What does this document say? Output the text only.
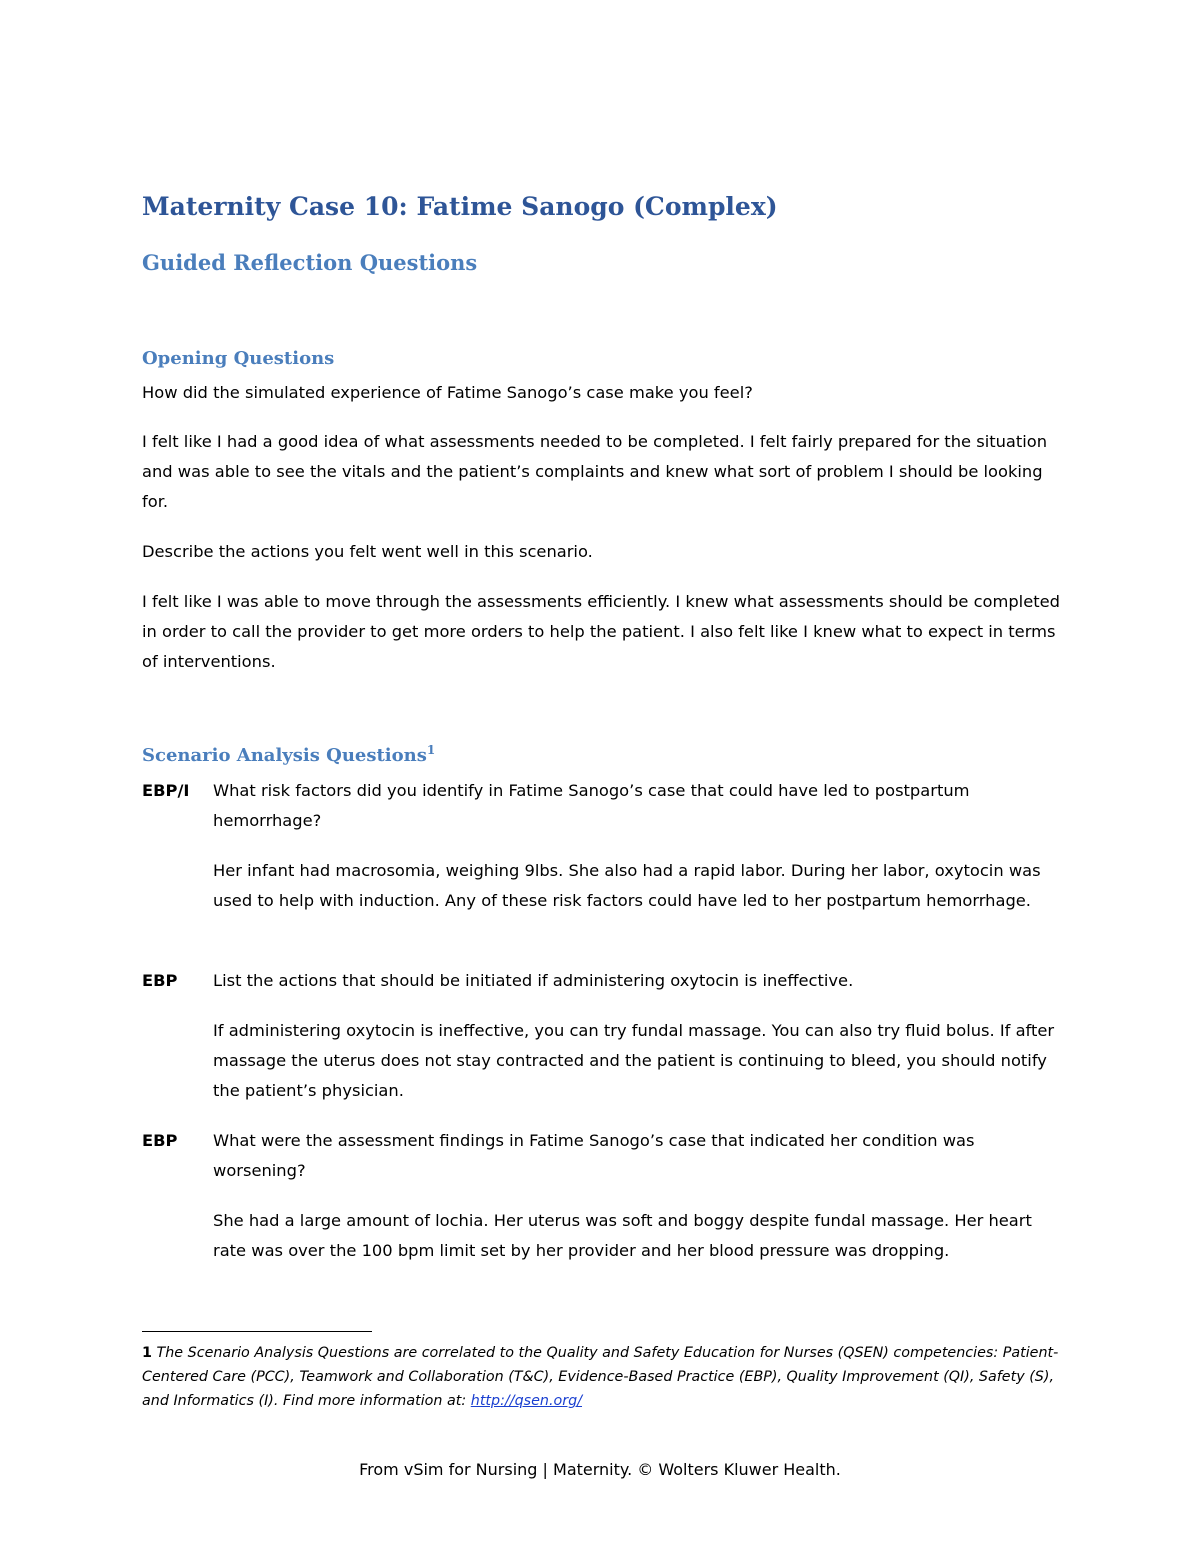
Maternity Case 10: Fatime Sanogo (Complex)
Guided Reflection Questions
Opening Questions

How did the simulated experience of Fatime Sanogo’s case make you feel?

I felt like I had a good idea of what assessments needed to be completed. I felt fairly prepared for the situation and was able to see the vitals and the patient’s complaints and knew what sort of problem I should be looking for.

Describe the actions you felt went well in this scenario.

I felt like I was able to move through the assessments efficiently. I knew what assessments should be completed in order to call the provider to get more orders to help the patient. I also felt like I knew what to expect in terms of interventions.

Scenario Analysis Questions$^1$
EBP/I What risk factors did you identify in Fatime Sanogo’s case that could have led to postpartum hemorrhage?

Her infant had macrosomia, weighing 9lbs. She also had a rapid labor. During her labor, oxytocin was used to help with induction. Any of these risk factors could have led to her postpartum hemorrhage.

EBP List the actions that should be initiated if administering oxytocin is ineffective.

If administering oxytocin is ineffective, you can try fundal massage. You can also try fluid bolus. If after massage the uterus does not stay contracted and the patient is continuing to bleed, you should notify the patient’s physician.

EBP What were the assessment findings in Fatime Sanogo’s case that indicated her condition was worsening?

She had a large amount of lochia. Her uterus was soft and boggy despite fundal massage. Her heart rate was over the 100 bpm limit set by her provider and her blood pressure was dropping.

1 The Scenario Analysis Questions are correlated to the Quality and Safety Education for Nurses (QSEN) competencies: Patient-Centered Care (PCC), Teamwork and Collaboration (T&C), Evidence-Based Practice (EBP), Quality Improvement (QI), Safety (S), and Informatics (I). Find more information at: http://qsen.org/

From vSim for Nursing | Maternity. © Wolters Kluwer Health.
